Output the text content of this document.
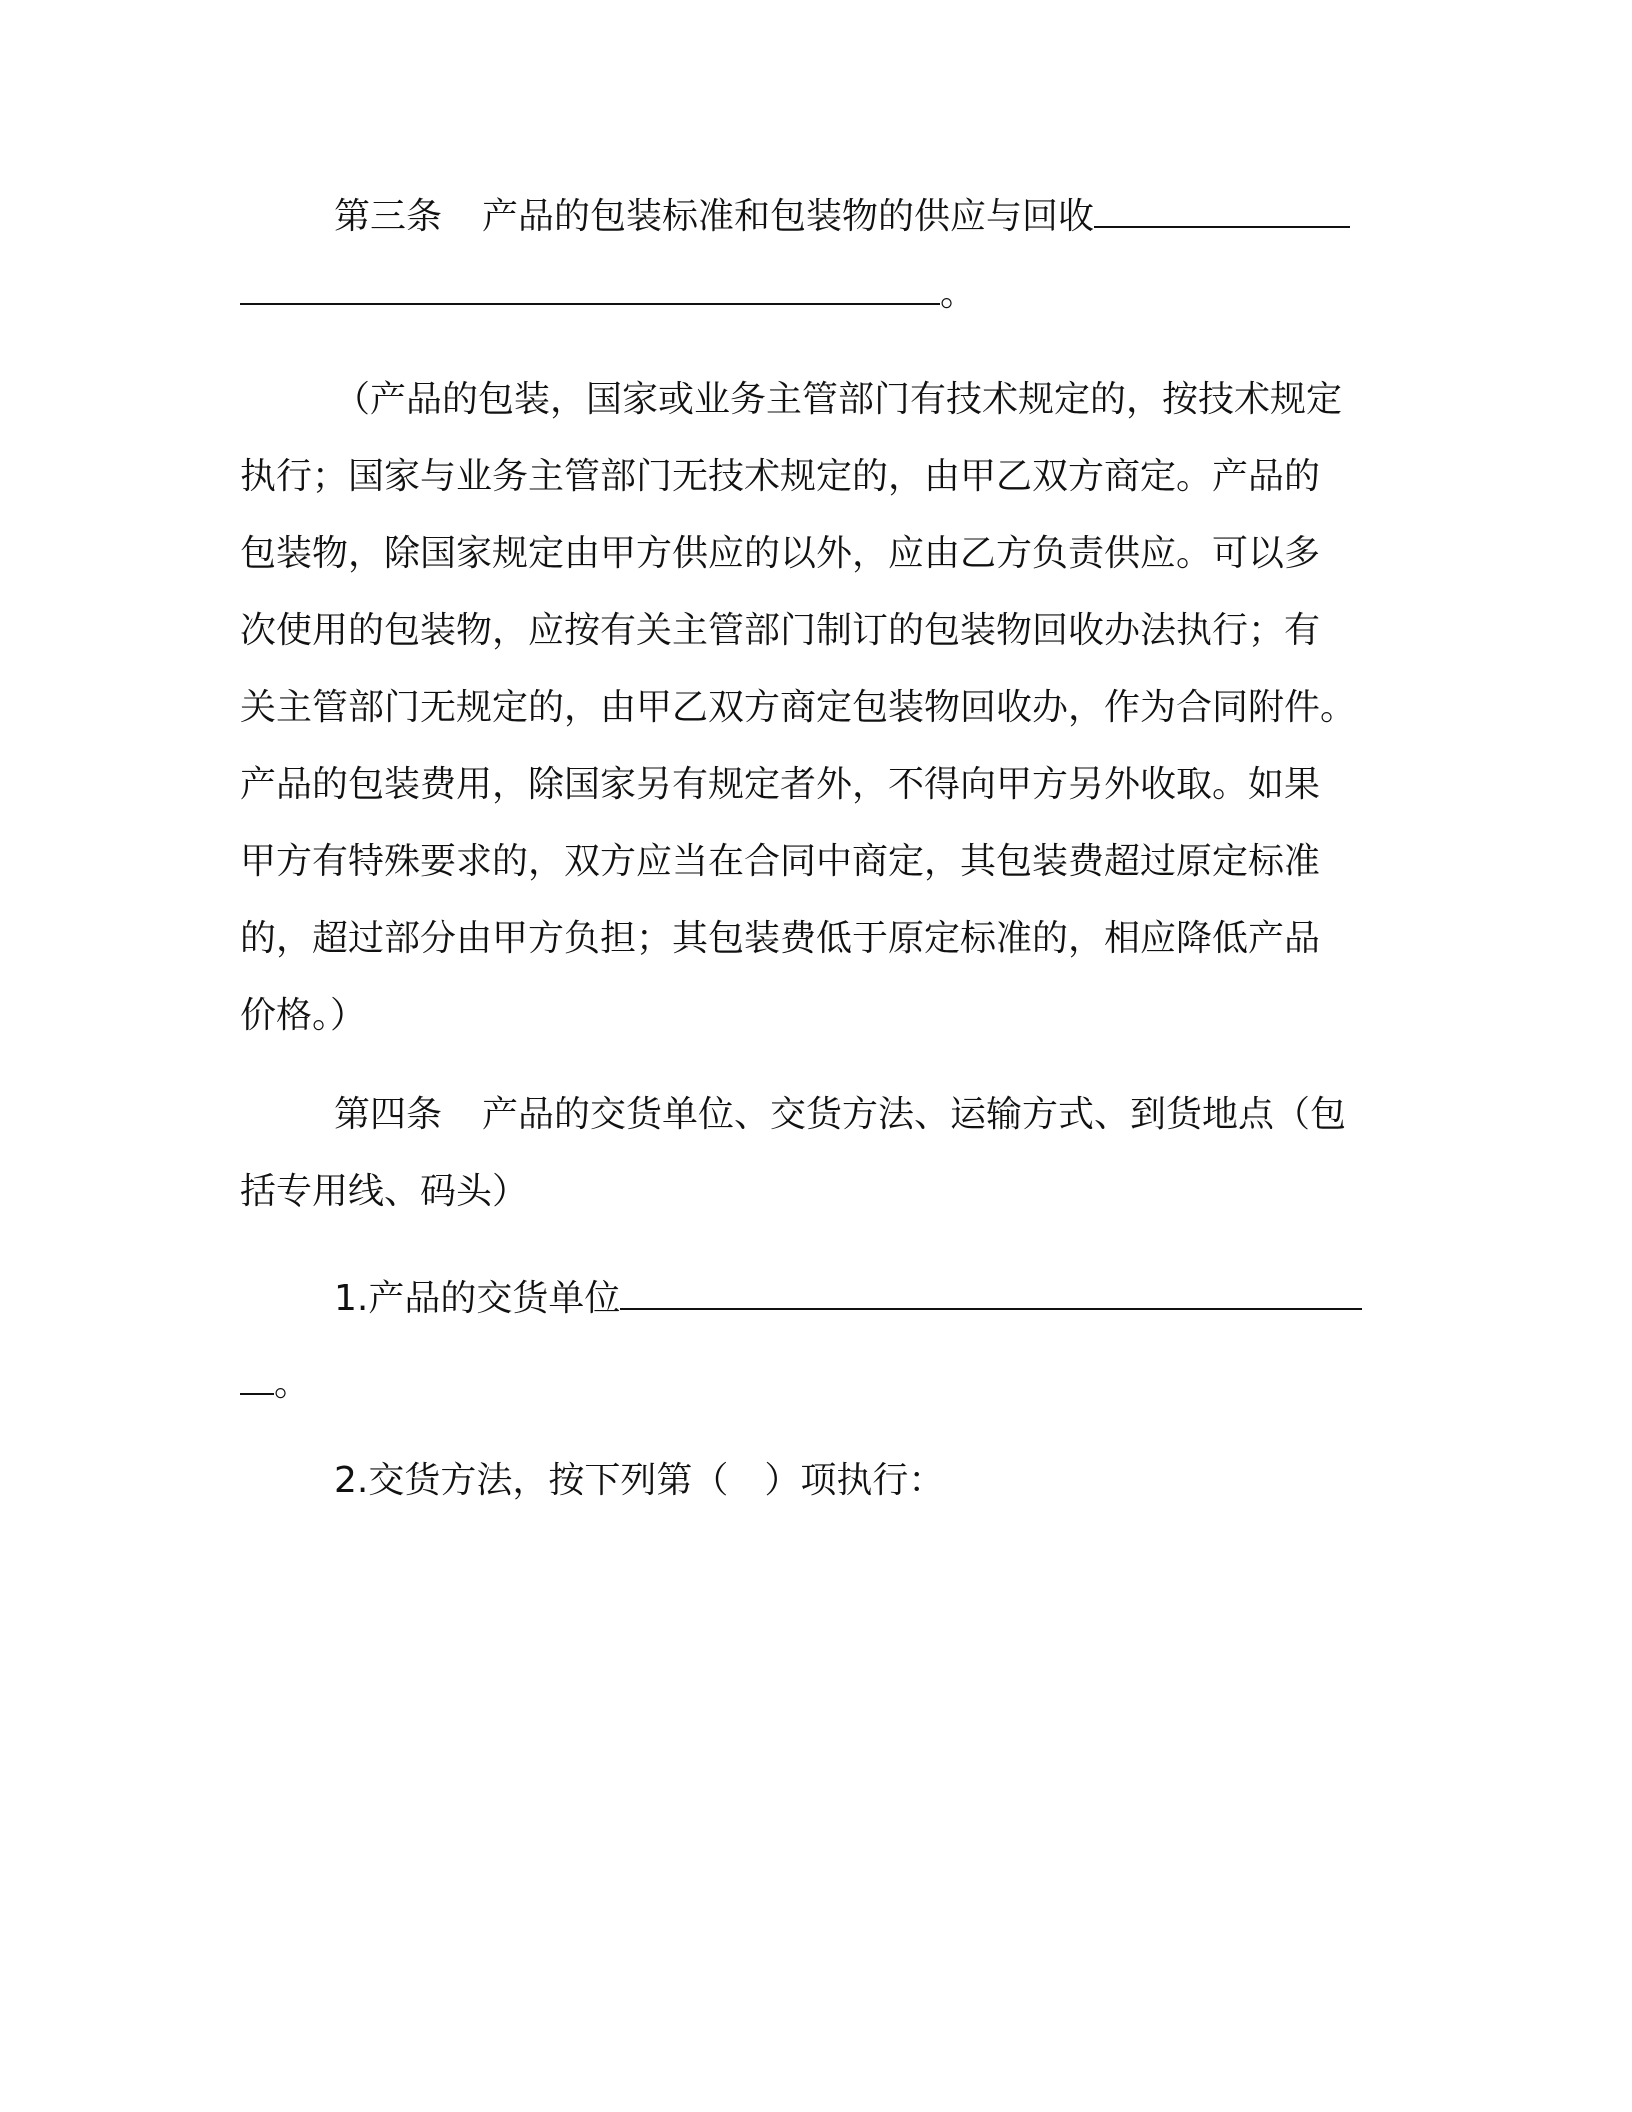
第三条 产品的包装标准和包装物的供应与回收
。
（产品的包装，国家或业务主管部门有技术规定的，按技术规定
执行；国家与业务主管部门无技术规定的，由甲乙双方商定。产品的
包装物，除国家规定由甲方供应的以外，应由乙方负责供应。可以多
次使用的包装物，应按有关主管部门制订的包装物回收办法执行；有
关主管部门无规定的，由甲乙双方商定包装物回收办，作为合同附件。
产品的包装费用，除国家另有规定者外，不得向甲方另外收取。如果
甲方有特殊要求的，双方应当在合同中商定，其包装费超过原定标准
的，超过部分由甲方负担；其包装费低于原定标准的，相应降低产品
价格。）
第四条 产品的交货单位、交货方法、运输方式、到货地点（包
括专用线、码头）
1.产品的交货单位
。
2.交货方法，按下列第（　）项执行：
